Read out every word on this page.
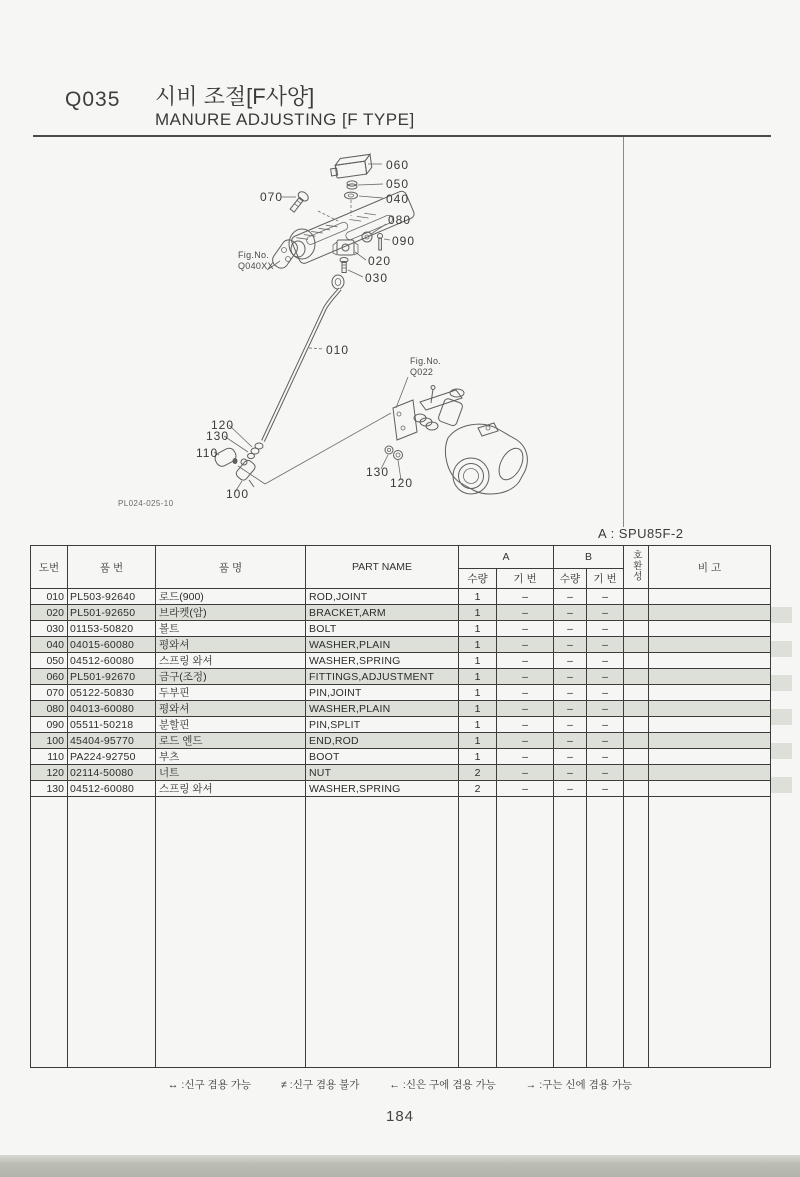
Q035 시비 조절[F사양]
MANURE ADJUSTING [F TYPE]
A : SPU85F-2
060
050
040
070
080
090
020
030
010
120
130
110
100
130
120
Fig.No.
Q040XX
Fig.No.
Q022
PL024-025-10
도번	품 번	품 명	PART NAME	A		B		호환성	비 고
				수량	기 번	수량	기 번		
010	PL503-92640	로드(900)	ROD,JOINT	1	–	–	–		
020	PL501-92650	브라켓(암)	BRACKET,ARM	1	–	–	–		
030	01153-50820	볼트	BOLT	1	–	–	–		
040	04015-60080	평와셔	WASHER,PLAIN	1	–	–	–		
050	04512-60080	스프링 와셔	WASHER,SPRING	1	–	–	–		
060	PL501-92670	금구(조정)	FITTINGS,ADJUSTMENT	1	–	–	–		
070	05122-50830	두부핀	PIN,JOINT	1	–	–	–		
080	04013-60080	평와셔	WASHER,PLAIN	1	–	–	–		
090	05511-50218	분할핀	PIN,SPLIT	1	–	–	–		
100	45404-95770	로드 엔드	END,ROD	1	–	–	–		
110	PA224-92750	부츠	BOOT	1	–	–	–		
120	02114-50080	너트	NUT	2	–	–	–		
130	04512-60080	스프링 와셔	WASHER,SPRING	2	–	–	–		

↔ :신구 겸용 가능	≠ :신구 겸용 불가	← :신은 구에 겸용 가능	→ :구는 신에 겸용 가능
184
